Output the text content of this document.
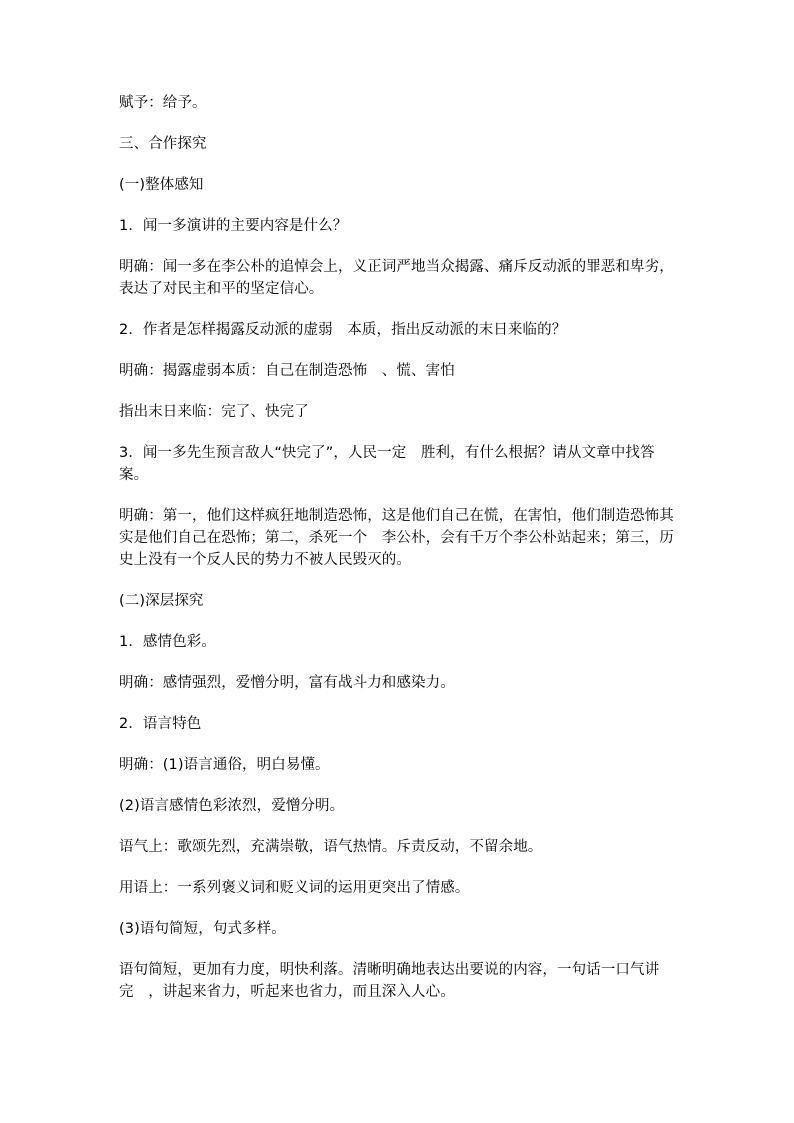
赋予：给予。

三、合作探究

(一)整体感知

1．闻一多演讲的主要内容是什么？

明确：闻一多在李公朴的追悼会上，义正词严地当众揭露、痛斥反动派的罪恶和卑劣，表达了对民主和平的坚定信心。

2．作者是怎样揭露反动派的虚弱　本质，指出反动派的末日来临的？

明确：揭露虚弱本质：自己在制造恐怖　、慌、害怕

指出末日来临：完了、快完了

3．闻一多先生预言敌人“快完了”，人民一定　胜利，有什么根据？请从文章中找答案。

明确：第一，他们这样疯狂地制造恐怖，这是他们自己在慌，在害怕，他们制造恐怖其实是他们自己在恐怖；第二，杀死一个　李公朴，会有千万个李公朴站起来；第三，历史上没有一个反人民的势力不被人民毁灭的。

(二)深层探究

1．感情色彩。

明确：感情强烈，爱憎分明，富有战斗力和感染力。

2．语言特色

明确：(1)语言通俗，明白易懂。

(2)语言感情色彩浓烈，爱憎分明。

语气上：歌颂先烈，充满崇敬，语气热情。斥责反动，不留余地。

用语上：一系列褒义词和贬义词的运用更突出了情感。

(3)语句简短，句式多样。

语句简短，更加有力度，明快利落。清晰明确地表达出要说的内容，一句话一口气讲完　，讲起来省力，听起来也省力，而且深入人心。
